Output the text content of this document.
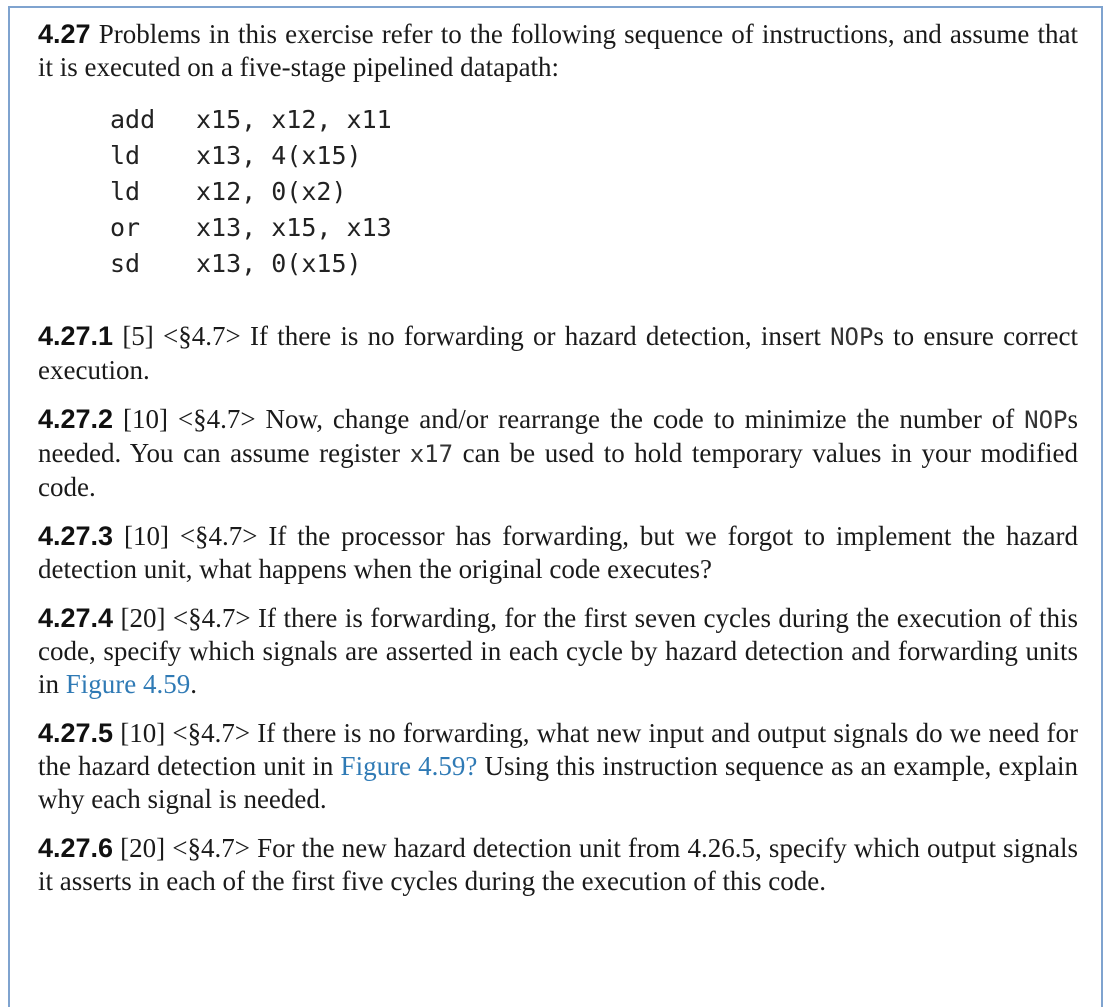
4.27 Problems in this exercise refer to the following sequence of instructions, and assume that it is executed on a five-stage pipelined datapath:

add	x15, x12, x11
ld	x13, 4(x15)
ld	x12, 0(x2)
or	x13, x15, x13
sd	x13, 0(x15)

4.27.1 [5] <§4.7> If there is no forwarding or hazard detection, insert NOPs to ensure correct execution.

4.27.2 [10] <§4.7> Now, change and/or rearrange the code to minimize the number of NOPs needed. You can assume register x17 can be used to hold temporary values in your modified code.

4.27.3 [10] <§4.7> If the processor has forwarding, but we forgot to implement the hazard detection unit, what happens when the original code executes?

4.27.4 [20] <§4.7> If there is forwarding, for the first seven cycles during the execution of this code, specify which signals are asserted in each cycle by hazard detection and forwarding units in Figure 4.59.

4.27.5 [10] <§4.7> If there is no forwarding, what new input and output signals do we need for the hazard detection unit in Figure 4.59? Using this instruction sequence as an example, explain why each signal is needed.

4.27.6 [20] <§4.7> For the new hazard detection unit from 4.26.5, specify which output signals it asserts in each of the first five cycles during the execution of this code.
